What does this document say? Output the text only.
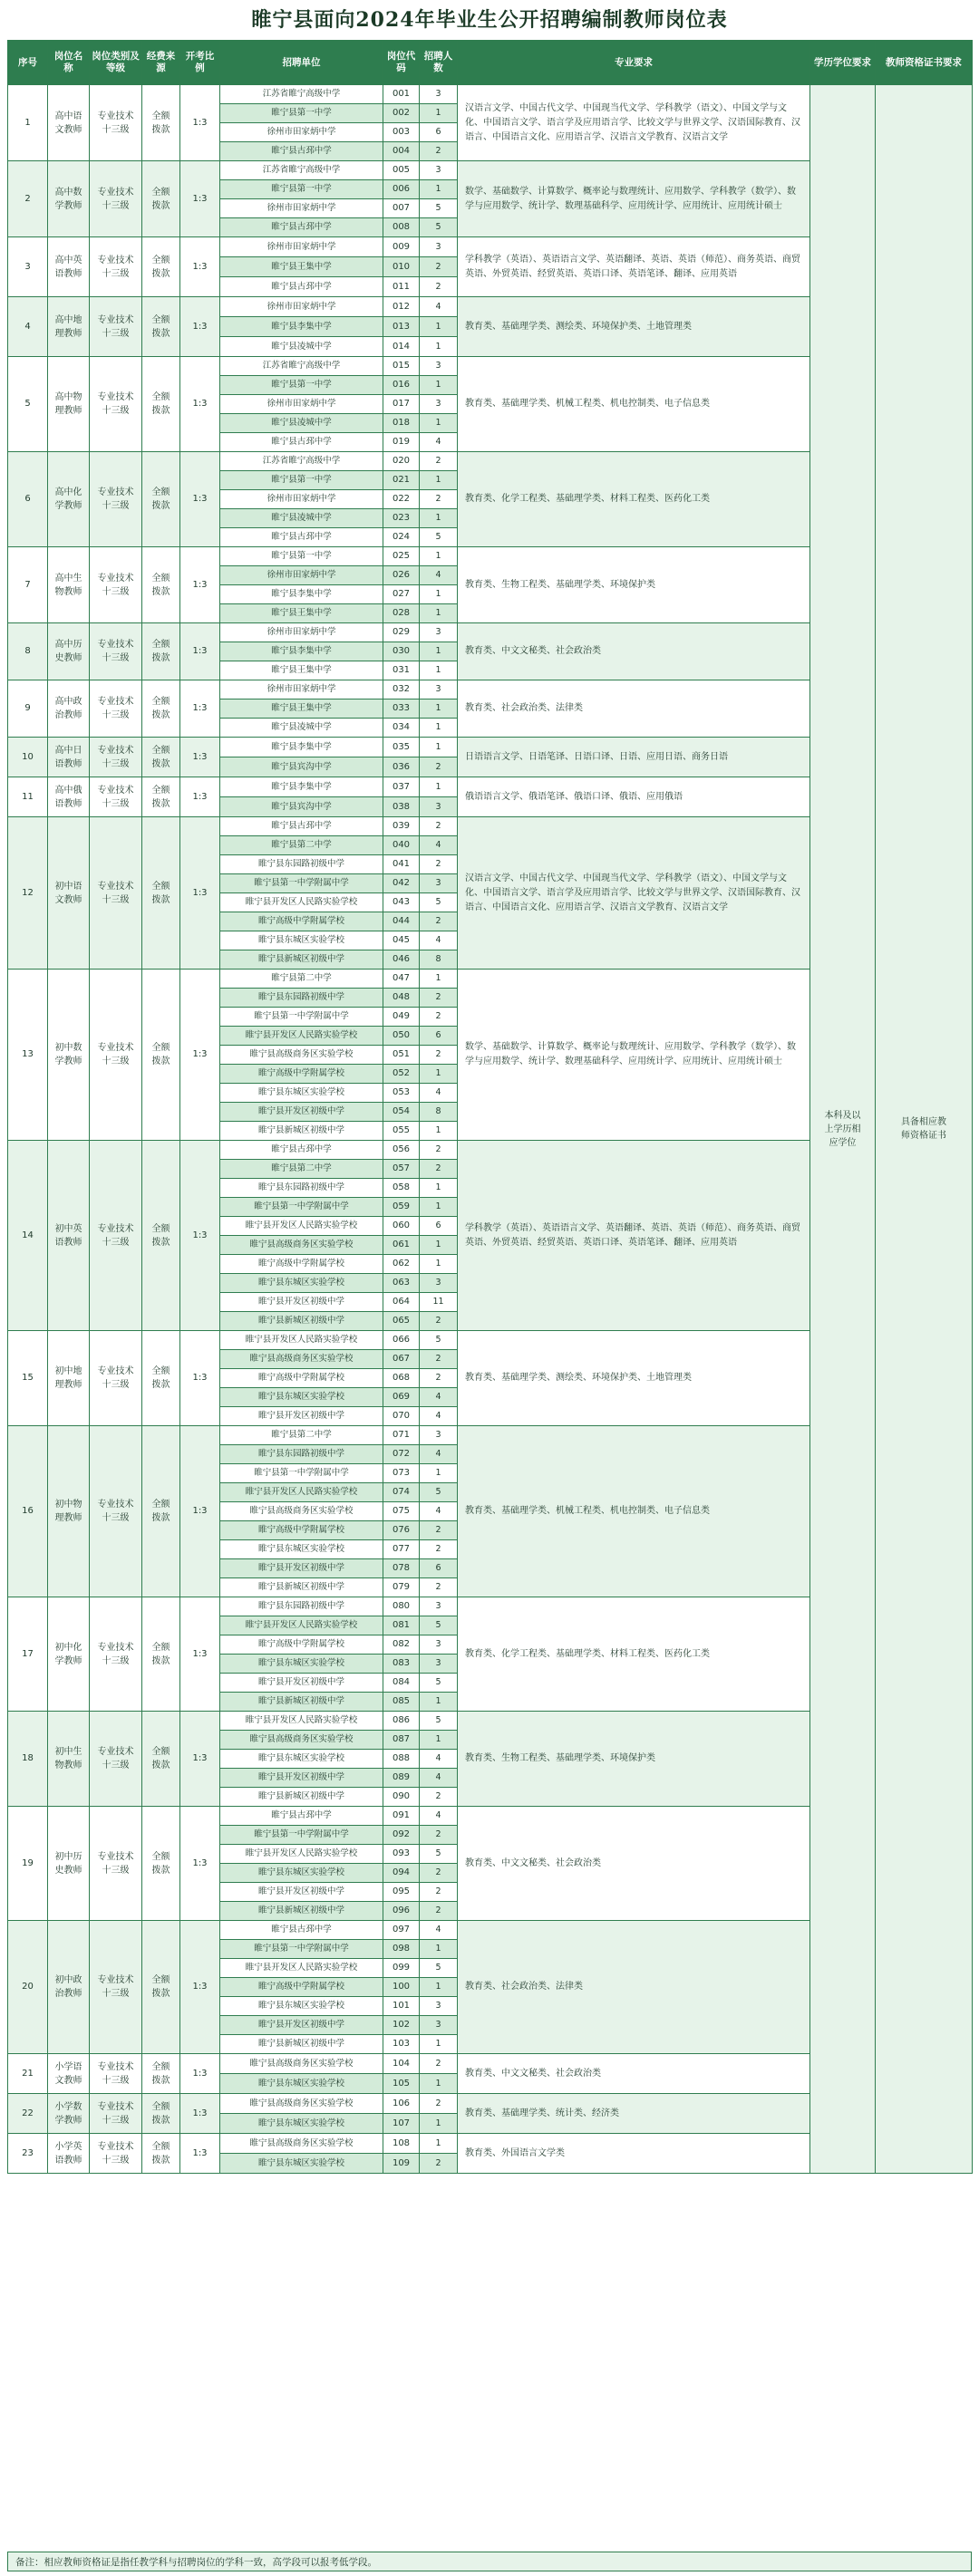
睢宁县面向2024年毕业生公开招聘编制教师岗位表
序号	岗位名称	岗位类别及等级	经费来源	开考比例	招聘单位	岗位代码	招聘人数	专业要求	学历学位要求	教师资格证书要求
1	高中语文教师	专业技术十三级	全额拨款	1:3	江苏省睢宁高级中学	001	3	汉语言文学、中国古代文学、中国现当代文学、学科教学（语文）、中国文学与文化、中国语言文学、语言学及应用语言学、比较文学与世界文学、汉语国际教育、汉语言、中国语言文化、应用语言学、汉语言文学教育、汉语言文学	本科及以上学历相应学位	具备相应教师资格证书
					睢宁县第一中学	002	1			
					徐州市田家炳中学	003	6			
					睢宁县古邳中学	004	2			
2	高中数学教师	专业技术十三级	全额拨款	1:3	江苏省睢宁高级中学	005	3	数学、基础数学、计算数学、概率论与数理统计、应用数学、学科教学（数学）、数学与应用数学、统计学、数理基础科学、应用统计学、应用统计、应用统计硕士		
					睢宁县第一中学	006	1			
					徐州市田家炳中学	007	5			
					睢宁县古邳中学	008	5			
3	高中英语教师	专业技术十三级	全额拨款	1:3	徐州市田家炳中学	009	3	学科教学（英语）、英语语言文学、英语翻译、英语、英语（师范）、商务英语、商贸英语、外贸英语、经贸英语、英语口译、英语笔译、翻译、应用英语		
					睢宁县王集中学	010	2			
					睢宁县古邳中学	011	2			
4	高中地理教师	专业技术十三级	全额拨款	1:3	徐州市田家炳中学	012	4	教育类、基础理学类、测绘类、环境保护类、土地管理类		
					睢宁县李集中学	013	1			
					睢宁县凌城中学	014	1			
5	高中物理教师	专业技术十三级	全额拨款	1:3	江苏省睢宁高级中学	015	3	教育类、基础理学类、机械工程类、机电控制类、电子信息类		
					睢宁县第一中学	016	1			
					徐州市田家炳中学	017	3			
					睢宁县凌城中学	018	1			
					睢宁县古邳中学	019	4			
6	高中化学教师	专业技术十三级	全额拨款	1:3	江苏省睢宁高级中学	020	2	教育类、化学工程类、基础理学类、材料工程类、医药化工类		
					睢宁县第一中学	021	1			
					徐州市田家炳中学	022	2			
					睢宁县凌城中学	023	1			
					睢宁县古邳中学	024	5			
7	高中生物教师	专业技术十三级	全额拨款	1:3	睢宁县第一中学	025	1	教育类、生物工程类、基础理学类、环境保护类		
					徐州市田家炳中学	026	4			
					睢宁县李集中学	027	1			
					睢宁县王集中学	028	1			
8	高中历史教师	专业技术十三级	全额拨款	1:3	徐州市田家炳中学	029	3	教育类、中文文秘类、社会政治类		
					睢宁县李集中学	030	1			
					睢宁县王集中学	031	1			
9	高中政治教师	专业技术十三级	全额拨款	1:3	徐州市田家炳中学	032	3	教育类、社会政治类、法律类		
					睢宁县王集中学	033	1			
					睢宁县凌城中学	034	1			
10	高中日语教师	专业技术十三级	全额拨款	1:3	睢宁县李集中学	035	1	日语语言文学、日语笔译、日语口译、日语、应用日语、商务日语		
					睢宁县宾沟中学	036	2			
11	高中俄语教师	专业技术十三级	全额拨款	1:3	睢宁县李集中学	037	1	俄语语言文学、俄语笔译、俄语口译、俄语、应用俄语		
					睢宁县宾沟中学	038	3			
12	初中语文教师	专业技术十三级	全额拨款	1:3	睢宁县古邳中学	039	2	汉语言文学、中国古代文学、中国现当代文学、学科教学（语文）、中国文学与文化、中国语言文学、语言学及应用语言学、比较文学与世界文学、汉语国际教育、汉语言、中国语言文化、应用语言学、汉语言文学教育、汉语言文学		
					睢宁县第二中学	040	4			
					睢宁县东园路初级中学	041	2			
					睢宁县第一中学附属中学	042	3			
					睢宁县开发区人民路实验学校	043	5			
					睢宁高级中学附属学校	044	2			
					睢宁县东城区实验学校	045	4			
					睢宁县新城区初级中学	046	8			
13	初中数学教师	专业技术十三级	全额拨款	1:3	睢宁县第二中学	047	1	数学、基础数学、计算数学、概率论与数理统计、应用数学、学科教学（数学）、数学与应用数学、统计学、数理基础科学、应用统计学、应用统计、应用统计硕士		
					睢宁县东园路初级中学	048	2			
					睢宁县第一中学附属中学	049	2			
					睢宁县开发区人民路实验学校	050	6			
					睢宁县高级商务区实验学校	051	2			
					睢宁高级中学附属学校	052	1			
					睢宁县东城区实验学校	053	4			
					睢宁县开发区初级中学	054	8			
					睢宁县新城区初级中学	055	1			
14	初中英语教师	专业技术十三级	全额拨款	1:3	睢宁县古邳中学	056	2	学科教学（英语）、英语语言文学、英语翻译、英语、英语（师范）、商务英语、商贸英语、外贸英语、经贸英语、英语口译、英语笔译、翻译、应用英语		
					睢宁县第二中学	057	2			
					睢宁县东园路初级中学	058	1			
					睢宁县第一中学附属中学	059	1			
					睢宁县开发区人民路实验学校	060	6			
					睢宁县高级商务区实验学校	061	1			
					睢宁高级中学附属学校	062	1			
					睢宁县东城区实验学校	063	3			
					睢宁县开发区初级中学	064	11			
					睢宁县新城区初级中学	065	2			
15	初中地理教师	专业技术十三级	全额拨款	1:3	睢宁县开发区人民路实验学校	066	5	教育类、基础理学类、测绘类、环境保护类、土地管理类		
					睢宁县高级商务区实验学校	067	2			
					睢宁高级中学附属学校	068	2			
					睢宁县东城区实验学校	069	4			
					睢宁县开发区初级中学	070	4			
16	初中物理教师	专业技术十三级	全额拨款	1:3	睢宁县第二中学	071	3	教育类、基础理学类、机械工程类、机电控制类、电子信息类		
					睢宁县东园路初级中学	072	4			
					睢宁县第一中学附属中学	073	1			
					睢宁县开发区人民路实验学校	074	5			
					睢宁县高级商务区实验学校	075	4			
					睢宁高级中学附属学校	076	2			
					睢宁县东城区实验学校	077	2			
					睢宁县开发区初级中学	078	6			
					睢宁县新城区初级中学	079	2			
17	初中化学教师	专业技术十三级	全额拨款	1:3	睢宁县东园路初级中学	080	3	教育类、化学工程类、基础理学类、材料工程类、医药化工类		
					睢宁县开发区人民路实验学校	081	5			
					睢宁高级中学附属学校	082	3			
					睢宁县东城区实验学校	083	3			
					睢宁县开发区初级中学	084	5			
					睢宁县新城区初级中学	085	1			
18	初中生物教师	专业技术十三级	全额拨款	1:3	睢宁县开发区人民路实验学校	086	5	教育类、生物工程类、基础理学类、环境保护类		
					睢宁县高级商务区实验学校	087	1			
					睢宁县东城区实验学校	088	4			
					睢宁县开发区初级中学	089	4			
					睢宁县新城区初级中学	090	2			
19	初中历史教师	专业技术十三级	全额拨款	1:3	睢宁县古邳中学	091	4	教育类、中文文秘类、社会政治类		
					睢宁县第一中学附属中学	092	2			
					睢宁县开发区人民路实验学校	093	5			
					睢宁县东城区实验学校	094	2			
					睢宁县开发区初级中学	095	2			
					睢宁县新城区初级中学	096	2			
20	初中政治教师	专业技术十三级	全额拨款	1:3	睢宁县古邳中学	097	4	教育类、社会政治类、法律类		
					睢宁县第一中学附属中学	098	1			
					睢宁县开发区人民路实验学校	099	5			
					睢宁高级中学附属学校	100	1			
					睢宁县东城区实验学校	101	3			
					睢宁县开发区初级中学	102	3			
					睢宁县新城区初级中学	103	1			
21	小学语文教师	专业技术十三级	全额拨款	1:3	睢宁县高级商务区实验学校	104	2	教育类、中文文秘类、社会政治类		
					睢宁县东城区实验学校	105	1			
22	小学数学教师	专业技术十三级	全额拨款	1:3	睢宁县高级商务区实验学校	106	2	教育类、基础理学类、统计类、经济类		
					睢宁县东城区实验学校	107	1			
23	小学英语教师	专业技术十三级	全额拨款	1:3	睢宁县高级商务区实验学校	108	1	教育类、外国语言文学类		
					睢宁县东城区实验学校	109	2			
备注：相应教师资格证是指任教学科与招聘岗位的学科一致，高学段可以报考低学段。
